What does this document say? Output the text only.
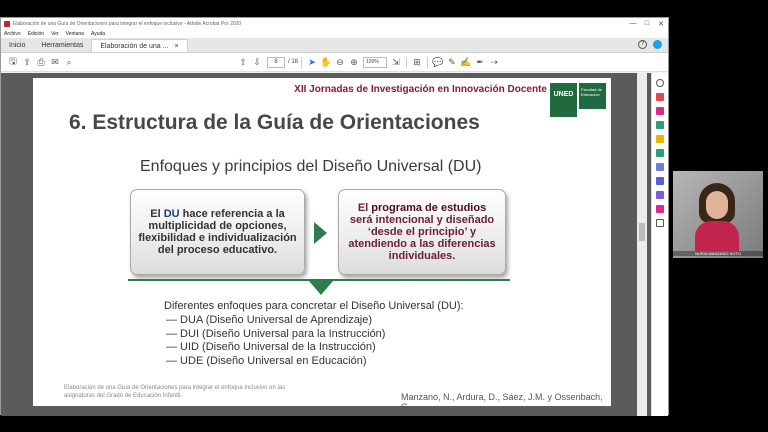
Elaboración de una Guía de Orientaciones para integrar el enfoque inclusivo - Adobe Acrobat Pro 2020	—	□	✕
Archivo Edición Ver Ventana Ayuda
Inicio	Herramientas	Elaboración de una ... ×	?
🖫 ⇪ ⎙ ✉ ⌕	⇧ ⇩	8	/ 18	➤ ✋ ⊖ ⊕	100%	⇲	⊞	💬 ✎ ✍ ✒ ⇢
XII Jornadas de Investigación en Innovación Docente UNED
Facultad de Educación
6. Estructura de la Guía de Orientaciones
Enfoques y principios del Diseño Universal (DU)

El DU hace referencia a la multiplicidad de opciones, flexibilidad e individualización del proceso educativo.

El programa de estudios será intencional y diseñado ‘desde el principio’ y atendiendo a las diferencias individuales.

Diferentes enfoques para concretar el Diseño Universal (DU):
— DUA (Diseño Universal de Aprendizaje)
— DUI (Diseño Universal para la Instrucción)
— UID (Diseño Universal de la Instrucción)
— UDE (Diseño Universal en Educación)
Elaboración de una Guía de Orientaciones para integrar el enfoque inclusivo en las asignaturas del Grado de Educación Infantil.	Manzano, N., Ardura, D., Sáez, J.M. y Ossenbach, G.
NURIA MANZANO SOTO
